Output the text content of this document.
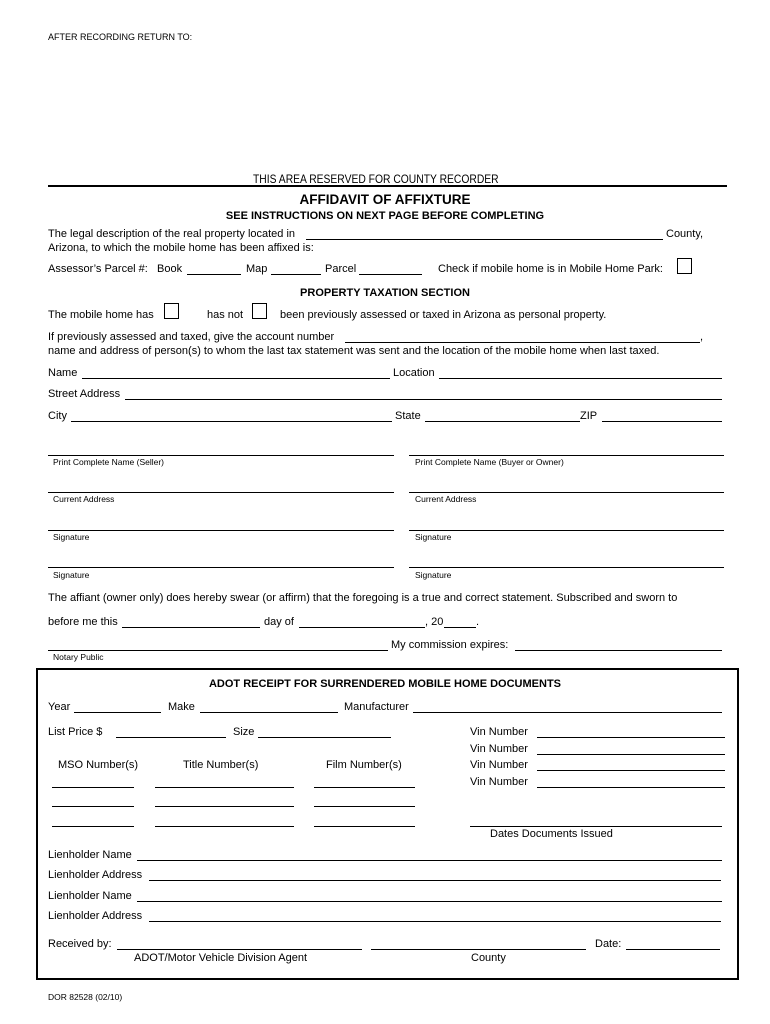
AFTER RECORDING RETURN TO:
THIS AREA RESERVED FOR COUNTY RECORDER
AFFIDAVIT OF AFFIXTURE
SEE INSTRUCTIONS ON NEXT PAGE BEFORE COMPLETING
The legal description of the real property located in	County,
Arizona, to which the mobile home has been affixed is:
Assessor’s Parcel #: Book	Map	Parcel	Check if mobile home is in Mobile Home Park:
PROPERTY TAXATION SECTION
The mobile home has	has not	been previously assessed or taxed in Arizona as personal property.
If previously assessed and taxed, give the account number	,
name and address of person(s) to whom the last tax statement was sent and the location of the mobile home when last taxed.
Name	Location
Street Address
City	State	ZIP
Print Complete Name (Seller)	Print Complete Name (Buyer or Owner)
Current Address	Current Address
Signature	Signature
Signature	Signature
The affiant (owner only) does hereby swear (or affirm) that the foregoing is a true and correct statement. Subscribed and sworn to
before me this	day of	, 20	.
Notary Public
My commission expires:
ADOT RECEIPT FOR SURRENDERED MOBILE HOME DOCUMENTS
Year	Make	Manufacturer
List Price $	Size	Vin Number
Vin Number
Vin Number
Vin Number
MSO Number(s)	Title Number(s)	Film Number(s)
Dates Documents Issued
Lienholder Name
Lienholder Address
Lienholder Name
Lienholder Address
Received by:	Date:
ADOT/Motor Vehicle Division Agent	County
DOR 82528 (02/10)
